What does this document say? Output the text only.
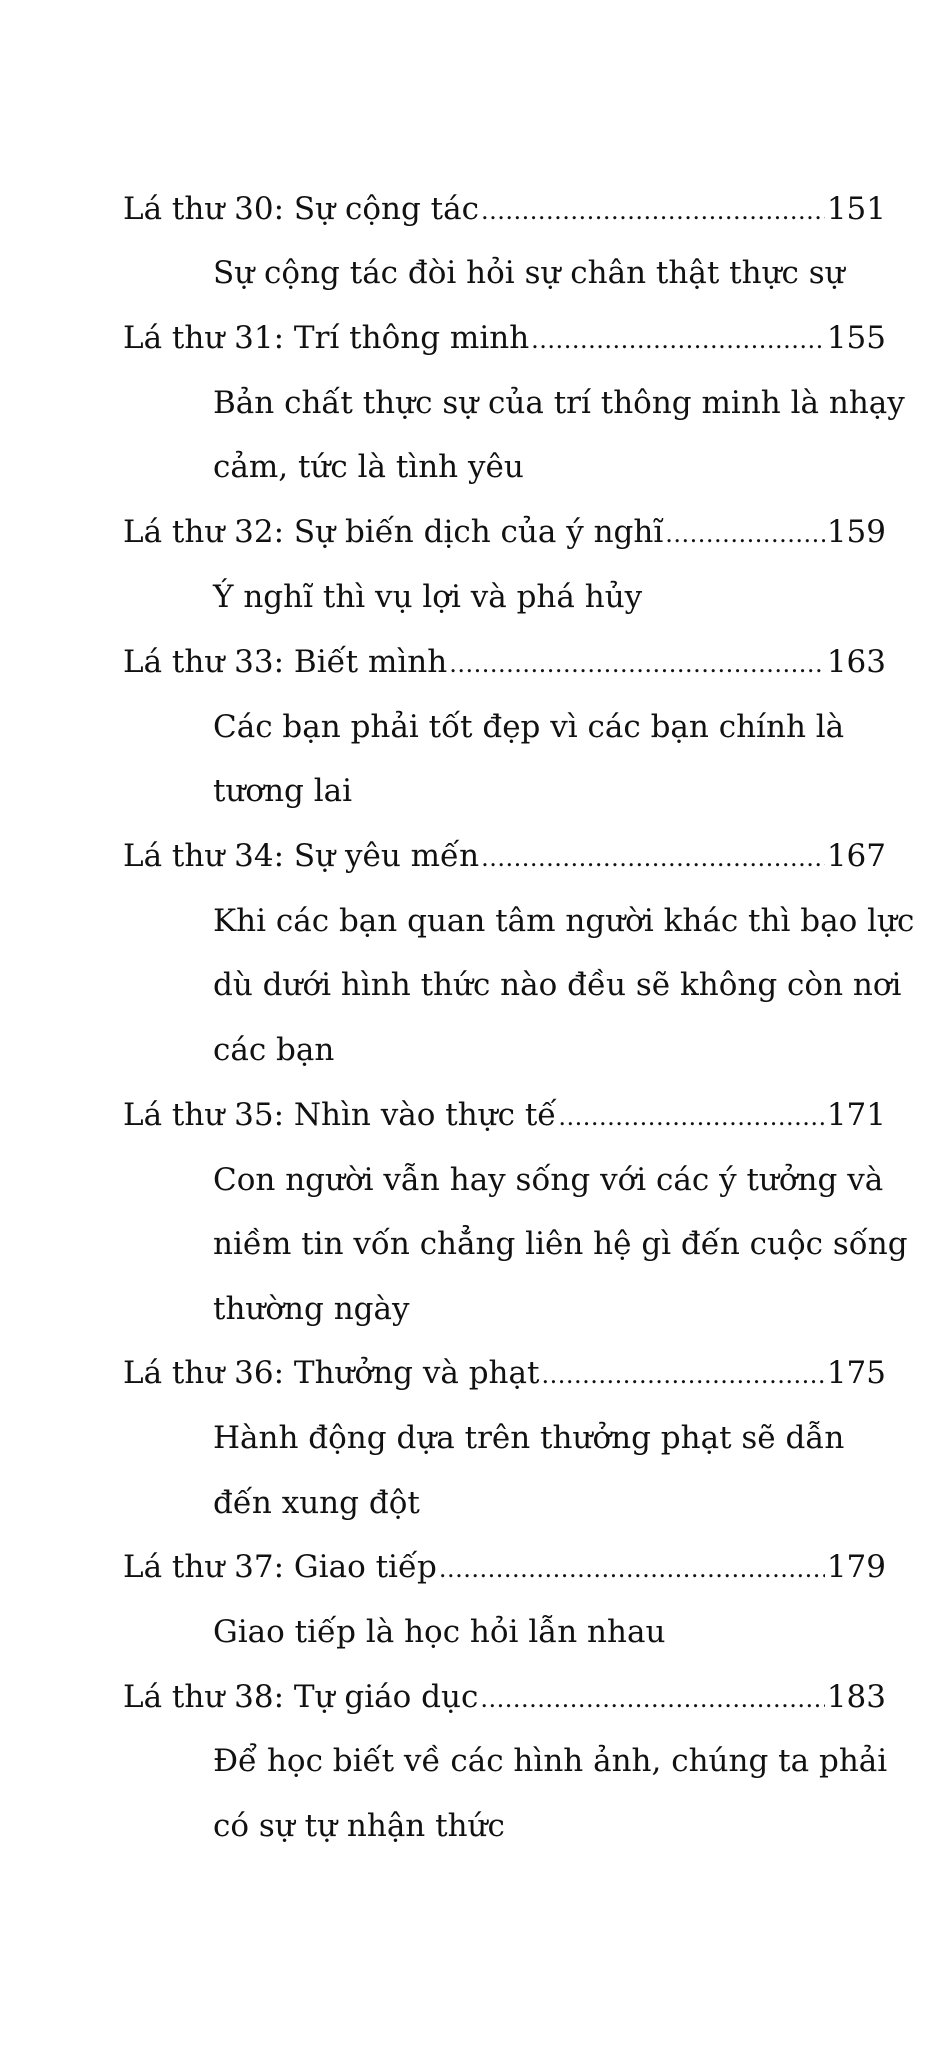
Lá thư 30: Sự cộng tác .....	151
Sự cộng tác đòi hỏi sự chân thật thực sự
Lá thư 31: Trí thông minh .....	155
Bản chất thực sự của trí thông minh là nhạy
cảm, tức là tình yêu
Lá thư 32: Sự biến dịch của ý nghĩ .....	159
Ý nghĩ thì vụ lợi và phá hủy
Lá thư 33: Biết mình .....	163
Các bạn phải tốt đẹp vì các bạn chính là
tương lai
Lá thư 34: Sự yêu mến .....	167
Khi các bạn quan tâm người khác thì bạo lực
dù dưới hình thức nào đều sẽ không còn nơi
các bạn
Lá thư 35: Nhìn vào thực tế .....	171
Con người vẫn hay sống với các ý tưởng và
niềm tin vốn chẳng liên hệ gì đến cuộc sống
thường ngày
Lá thư 36: Thưởng và phạt .....	175
Hành động dựa trên thưởng phạt sẽ dẫn
đến xung đột
Lá thư 37: Giao tiếp .....	179
Giao tiếp là học hỏi lẫn nhau
Lá thư 38: Tự giáo dục .....	183
Để học biết về các hình ảnh, chúng ta phải
có sự tự nhận thức
